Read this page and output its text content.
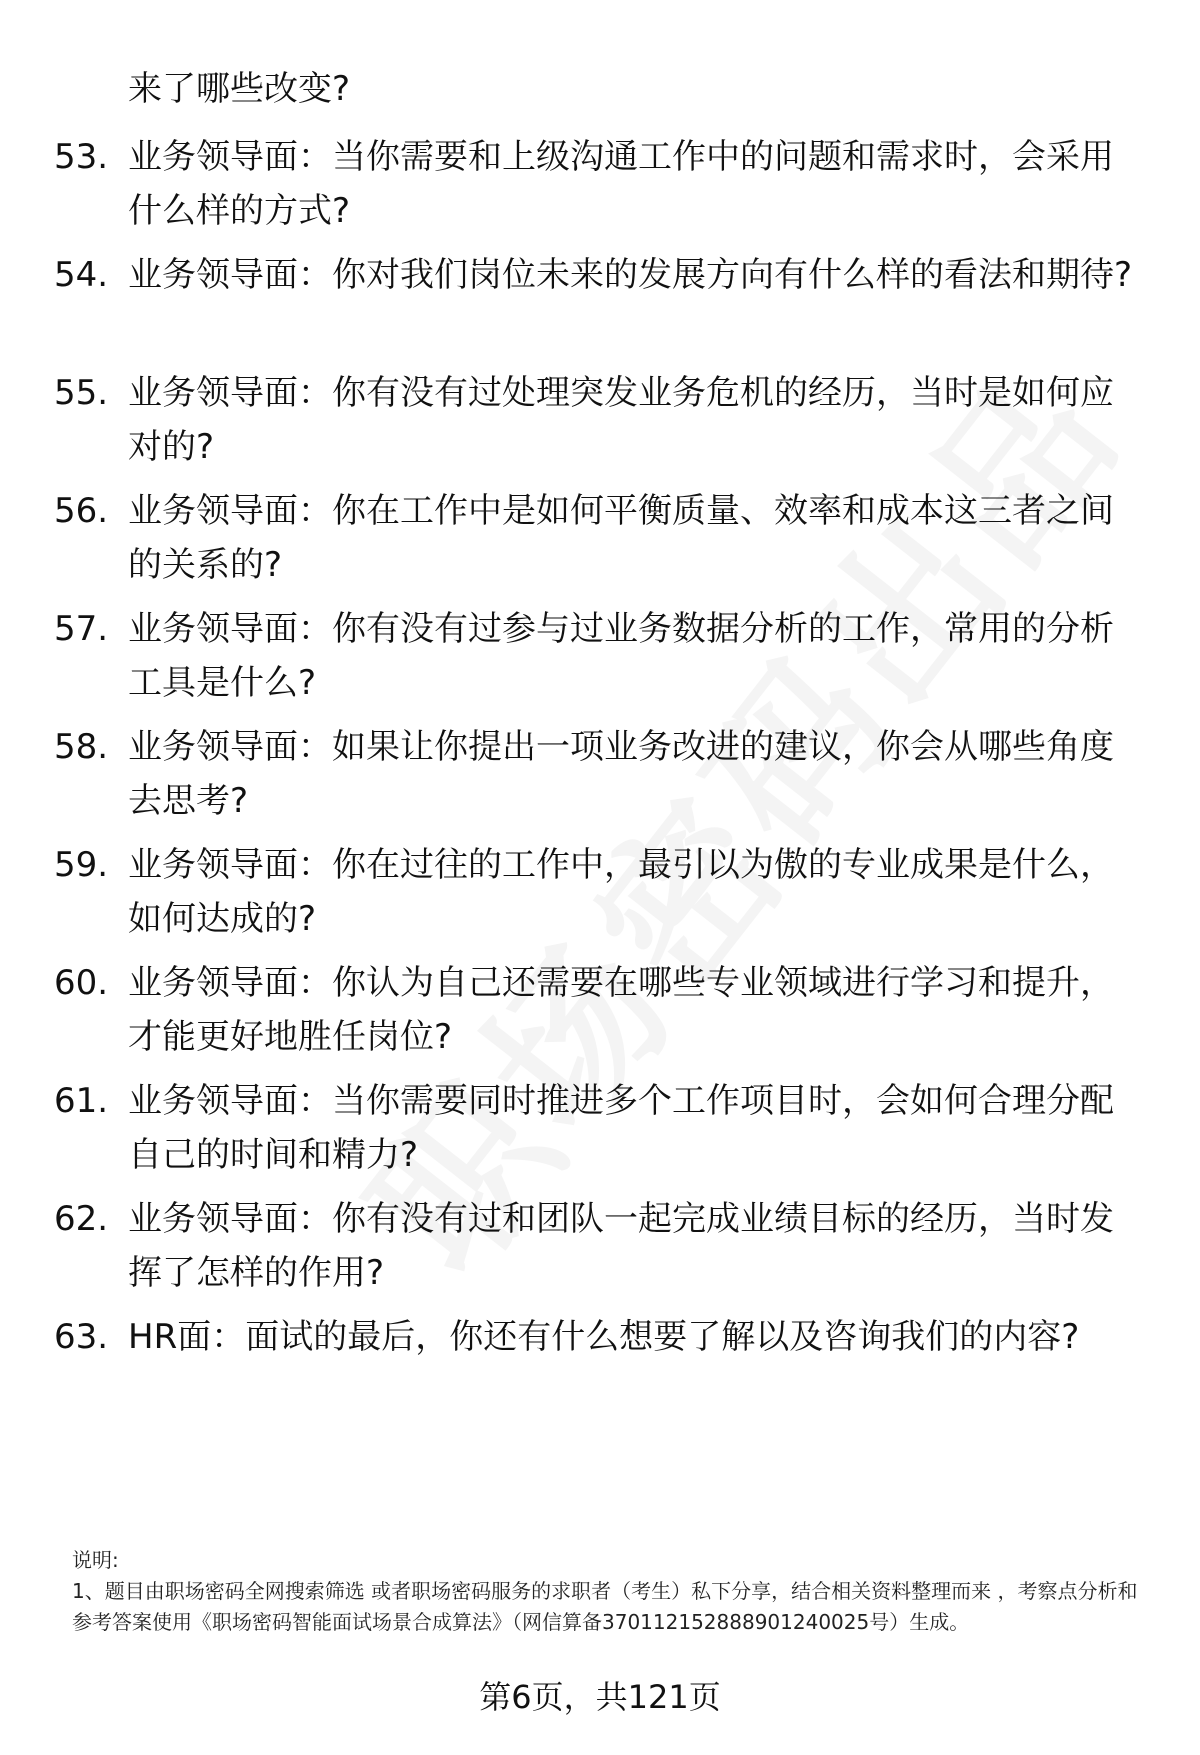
来了哪些改变?
53. 业务领导面：当你需要和上级沟通工作中的问题和需求时，会采用什么样的方式?
54. 业务领导面：你对我们岗位未来的发展方向有什么样的看法和期待?
55. 业务领导面：你有没有过处理突发业务危机的经历，当时是如何应对的?
56. 业务领导面：你在工作中是如何平衡质量、效率和成本这三者之间的关系的?
57. 业务领导面：你有没有过参与过业务数据分析的工作，常用的分析工具是什么?
58. 业务领导面：如果让你提出一项业务改进的建议，你会从哪些角度去思考?
59. 业务领导面：你在过往的工作中，最引以为傲的专业成果是什么，如何达成的?
60. 业务领导面：你认为自己还需要在哪些专业领域进行学习和提升，才能更好地胜任岗位?
61. 业务领导面：当你需要同时推进多个工作项目时，会如何合理分配自己的时间和精力?
62. 业务领导面：你有没有过和团队一起完成业绩目标的经历，当时发挥了怎样的作用?
63. HR面：面试的最后，你还有什么想要了解以及咨询我们的内容?
说明:
1、题目由职场密码全网搜索筛选 或者职场密码服务的求职者（考生）私下分享，结合相关资料整理而来 ，考察点分析和参考答案使用《职场密码智能面试场景合成算法》（网信算备370112152888901240025号）生成。
第6页，共121页
